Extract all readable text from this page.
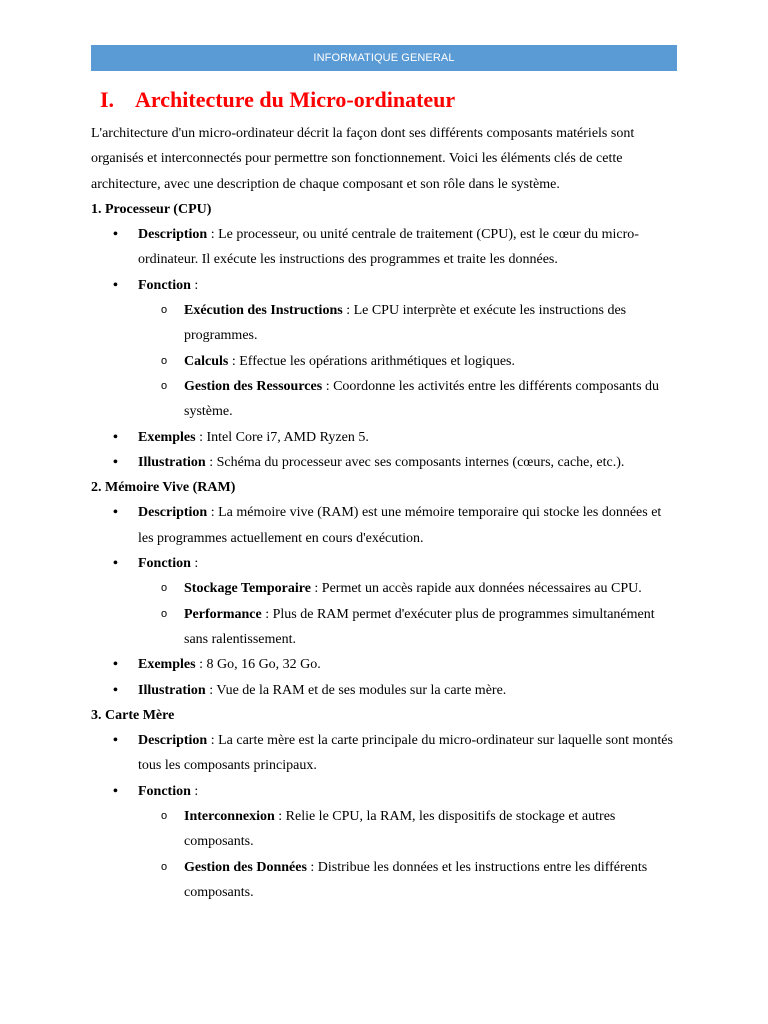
INFORMATIQUE GENERAL
I. Architecture du Micro-ordinateur
L'architecture d'un micro-ordinateur décrit la façon dont ses différents composants matériels sont organisés et interconnectés pour permettre son fonctionnement. Voici les éléments clés de cette architecture, avec une description de chaque composant et son rôle dans le système.
1. Processeur (CPU)
• Description : Le processeur, ou unité centrale de traitement (CPU), est le cœur du micro-ordinateur. Il exécute les instructions des programmes et traite les données.
• Fonction :
o Exécution des Instructions : Le CPU interprète et exécute les instructions des programmes.
o Calculs : Effectue les opérations arithmétiques et logiques.
o Gestion des Ressources : Coordonne les activités entre les différents composants du système.
• Exemples : Intel Core i7, AMD Ryzen 5.
• Illustration : Schéma du processeur avec ses composants internes (cœurs, cache, etc.).
2. Mémoire Vive (RAM)
• Description : La mémoire vive (RAM) est une mémoire temporaire qui stocke les données et les programmes actuellement en cours d'exécution.
• Fonction :
o Stockage Temporaire : Permet un accès rapide aux données nécessaires au CPU.
o Performance : Plus de RAM permet d'exécuter plus de programmes simultanément sans ralentissement.
• Exemples : 8 Go, 16 Go, 32 Go.
• Illustration : Vue de la RAM et de ses modules sur la carte mère.
3. Carte Mère
• Description : La carte mère est la carte principale du micro-ordinateur sur laquelle sont montés tous les composants principaux.
• Fonction :
o Interconnexion : Relie le CPU, la RAM, les dispositifs de stockage et autres composants.
o Gestion des Données : Distribue les données et les instructions entre les différents composants.
